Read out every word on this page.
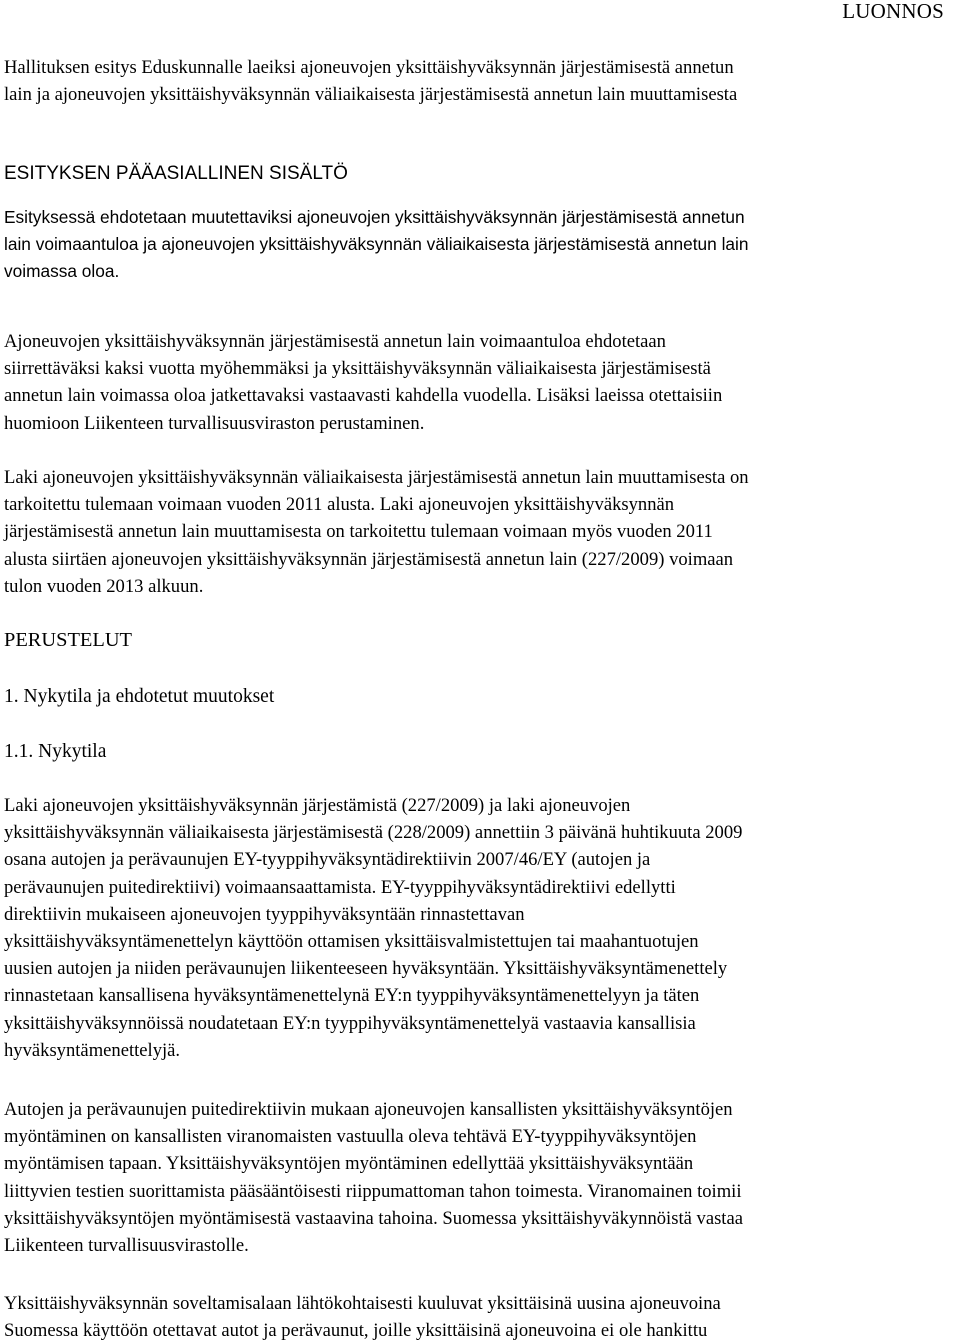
LUONNOS

Hallituksen esitys Eduskunnalle laeiksi ajoneuvojen yksittäishyväksynnän järjestämisestä annetun
lain ja ajoneuvojen yksittäishyväksynnän väliaikaisesta järjestämisestä annetun lain muuttamisesta

ESITYKSEN PÄÄASIALLINEN SISÄLTÖ

Esityksessä ehdotetaan muutettaviksi ajoneuvojen yksittäishyväksynnän järjestämisestä annetun
lain voimaantuloa ja ajoneuvojen yksittäishyväksynnän väliaikaisesta järjestämisestä annetun lain
voimassa oloa.

Ajoneuvojen yksittäishyväksynnän järjestämisestä annetun lain voimaantuloa ehdotetaan
siirrettäväksi kaksi vuotta myöhemmäksi ja yksittäishyväksynnän väliaikaisesta järjestämisestä
annetun lain voimassa oloa jatkettavaksi vastaavasti kahdella vuodella. Lisäksi laeissa otettaisiin
huomioon Liikenteen turvallisuusviraston perustaminen.

Laki ajoneuvojen yksittäishyväksynnän väliaikaisesta järjestämisestä annetun lain muuttamisesta on
tarkoitettu tulemaan voimaan vuoden 2011 alusta. Laki ajoneuvojen yksittäishyväksynnän
järjestämisestä annetun lain muuttamisesta on tarkoitettu tulemaan voimaan myös vuoden 2011
alusta siirtäen ajoneuvojen yksittäishyväksynnän järjestämisestä annetun lain (227/2009) voimaan
tulon vuoden 2013 alkuun.

PERUSTELUT

1. Nykytila ja ehdotetut muutokset

1.1. Nykytila

Laki ajoneuvojen yksittäishyväksynnän järjestämistä (227/2009) ja laki ajoneuvojen
yksittäishyväksynnän väliaikaisesta järjestämisestä (228/2009) annettiin 3 päivänä huhtikuuta 2009
osana autojen ja perävaunujen EY-tyyppihyväksyntädirektiivin 2007/46/EY (autojen ja
perävaunujen puitedirektiivi) voimaansaattamista. EY-tyyppihyväksyntädirektiivi edellytti
direktiivin mukaiseen ajoneuvojen tyyppihyväksyntään rinnastettavan
yksittäishyväksyntämenettelyn käyttöön ottamisen yksittäisvalmistettujen tai maahantuotujen
uusien autojen ja niiden perävaunujen liikenteeseen hyväksyntään. Yksittäishyväksyntämenettely
rinnastetaan kansallisena hyväksyntämenettelynä EY:n tyyppihyväksyntämenettelyyn ja täten
yksittäishyväksynnöissä noudatetaan EY:n tyyppihyväksyntämenettelyä vastaavia kansallisia
hyväksyntämenettelyjä.

Autojen ja perävaunujen puitedirektiivin mukaan ajoneuvojen kansallisten yksittäishyväksyntöjen
myöntäminen on kansallisten viranomaisten vastuulla oleva tehtävä EY-tyyppihyväksyntöjen
myöntämisen tapaan. Yksittäishyväksyntöjen myöntäminen edellyttää yksittäishyväksyntään
liittyvien testien suorittamista pääsääntöisesti riippumattoman tahon toimesta. Viranomainen toimii
yksittäishyväksyntöjen myöntämisestä vastaavina tahoina. Suomessa yksittäishyväkynnöistä vastaa
Liikenteen turvallisuusvirastolle.

Yksittäishyväksynnän soveltamisalaan lähtökohtaisesti kuuluvat yksittäisinä uusina ajoneuvoina
Suomessa käyttöön otettavat autot ja perävaunut, joille yksittäisinä ajoneuvoina ei ole hankittu
